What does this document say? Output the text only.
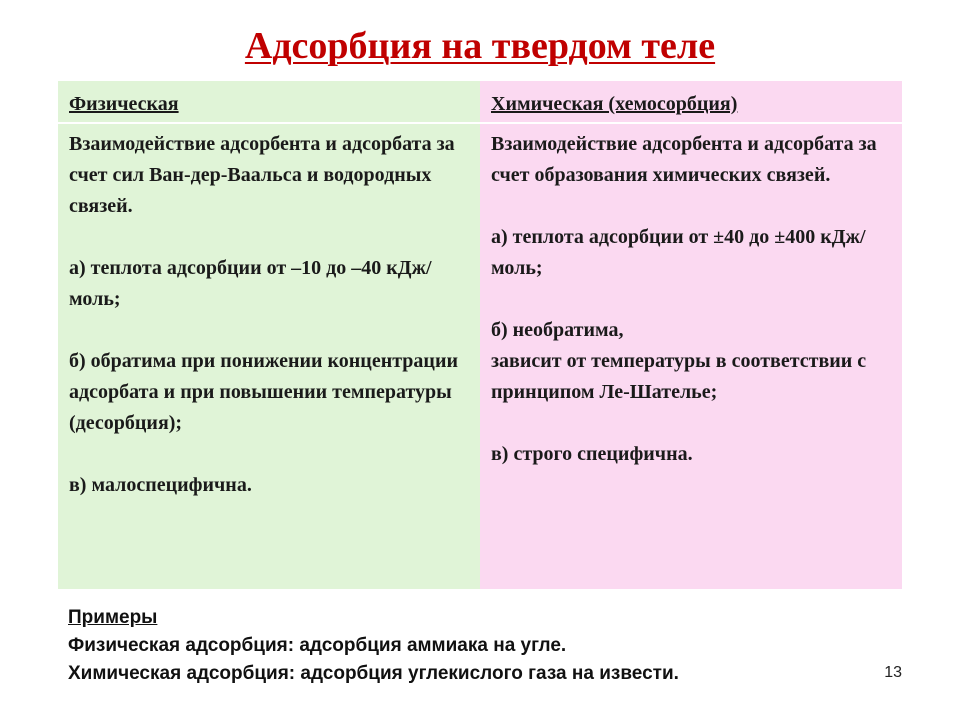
Адсорбция на твердом теле
Физическая

Взаимодействие адсорбента и адсорбата за счет сил Ван-дер-Ваальса и водородных связей.

а) теплота адсорбции от –10 до –40 кДж/моль;

б) обратима при понижении концентрации адсорбата и при повышении температуры (десорбция);

в) малоспецифична.

Химическая (хемосорбция)

Взаимодействие адсорбента и адсорбата за счет образования химических связей.

а) теплота адсорбции от ±40 до ±400 кДж/моль;

б) необратима,
зависит от температуры в соответствии с принципом Ле-Шателье;

в) строго специфична.

Примеры
Физическая адсорбция: адсорбция аммиака на угле.
Химическая адсорбция: адсорбция углекислого газа на извести.	13
